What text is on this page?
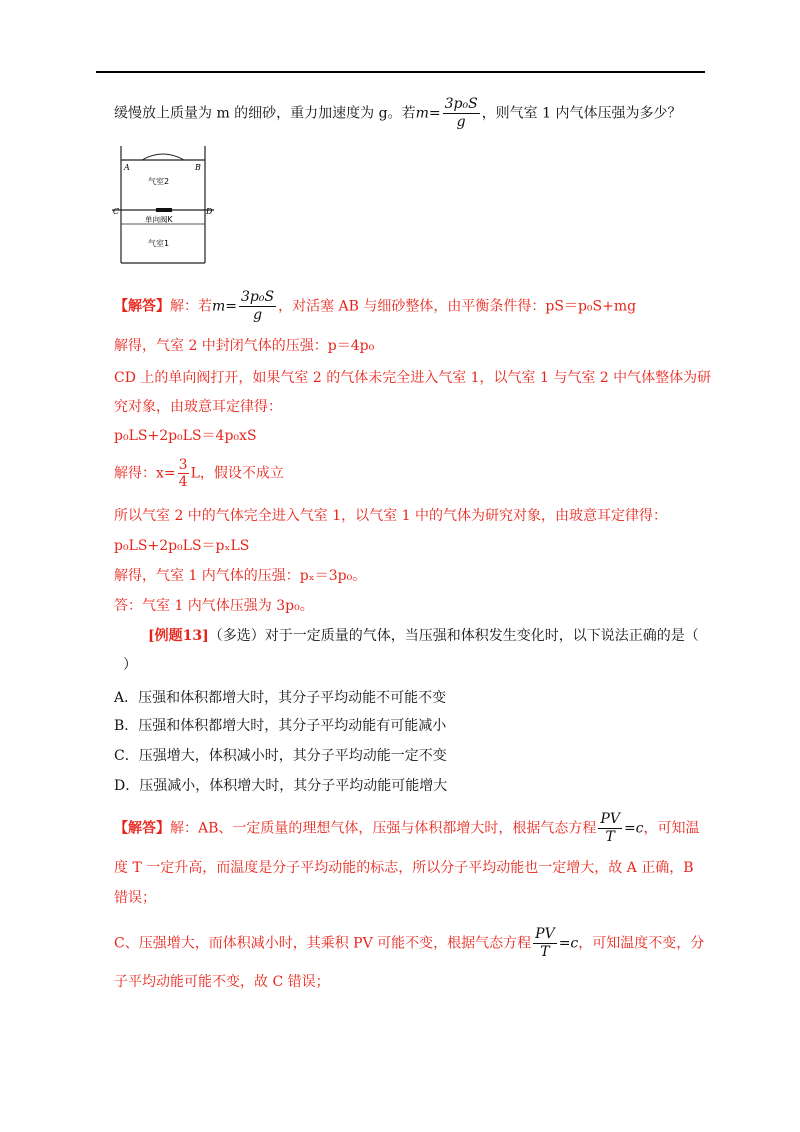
缓慢放上质量为 m 的细砂，重力加速度为 g。若$m= \frac{\text{3p₀S}}{g}$ ，则气室 1 内气体压强为多少？
A	B
C	D
气室2
单向阀K
气室1
【解答】解：若$m= \frac{\text{3p₀S}}{g}$ ，对活塞 AB 与细砂整体，由平衡条件得：pS＝p₀S+mg
解得，气室 2 中封闭气体的压强：p＝4p₀
CD 上的单向阀打开，如果气室 2 的气体未完全进入气室 1，以气室 1 与气室 2 中气体整体为研
究对象，由玻意耳定律得：
p₀LS+2p₀LS＝4p₀xS
解得：$x= \frac{3}{4}$ L，假设不成立
所以气室 2 中的气体完全进入气室 1，以气室 1 中的气体为研究对象，由玻意耳定律得：
p₀LS+2p₀LS＝pₓLS
解得，气室 1 内气体的压强：pₓ＝3p₀。
答：气室 1 内气体压强为 3p₀。
[例题13]（多选）对于一定质量的气体，当压强和体积发生变化时，以下说法正确的是（
）
A．压强和体积都增大时，其分子平均动能不可能不变
B．压强和体积都增大时，其分子平均动能有可能减小
C．压强增大，体积减小时，其分子平均动能一定不变
D．压强减小，体积增大时，其分子平均动能可能增大
【解答】解：AB、一定质量的理想气体，压强与体积都增大时，根据气态方程 $\frac{PV}{T} =c$，可知温
度 T 一定升高，而温度是分子平均动能的标志，所以分子平均动能也一定增大，故 A 正确，B
错误；
C、压强增大，而体积减小时，其乘积 PV 可能不变，根据气态方程 $\frac{PV}{T} =c$，可知温度不变，分
子平均动能可能不变，故 C 错误；
